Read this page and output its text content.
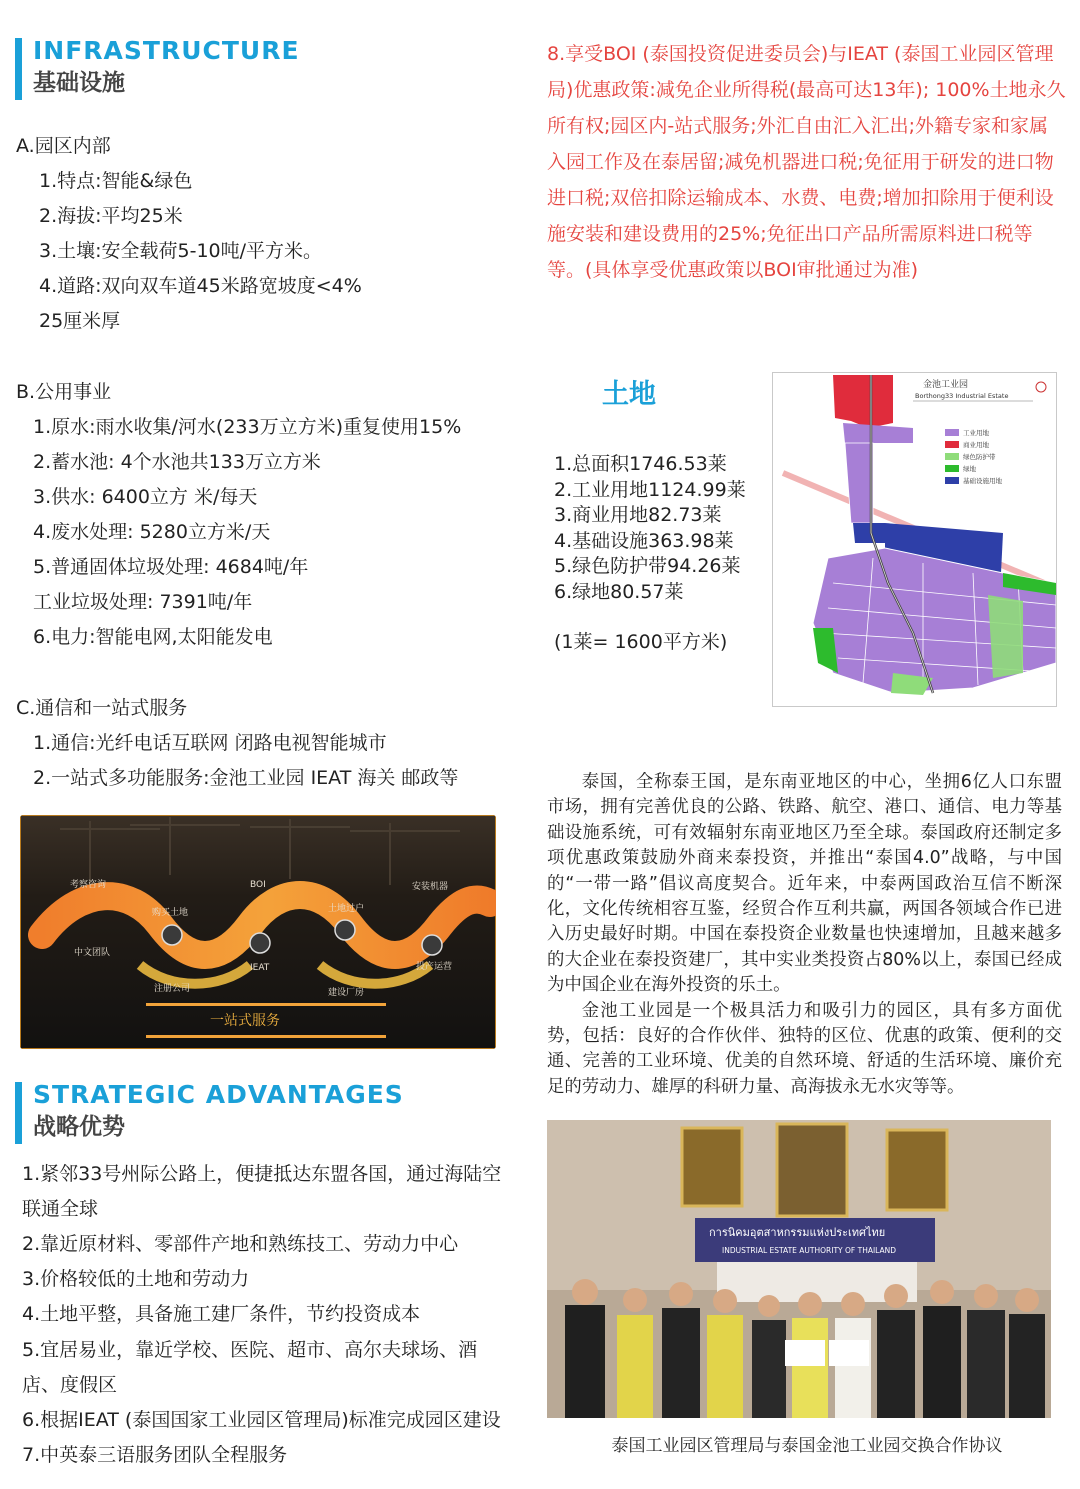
INFRASTRUCTURE
基础设施
A.园区内部
1.特点:智能&绿色
2.海拔:平均25米
3.土壤:安全载荷5-10吨/平方米。
4.道路:双向双车道45米路宽坡度<4%
25厘米厚
B.公用事业
1.原水:雨水收集/河水(233万立方米)重复使用15%
2.蓄水池: 4个水池共133万立方米
3.供水: 6400立方 米/每天
4.废水处理: 5280立方米/天
5.普通固体垃圾处理: 4684吨/年
工业垃圾处理: 7391吨/年
6.电力:智能电网,太阳能发电
C.通信和一站式服务
1.通信:光纤电话互联网 闭路电视智能城市
2.一站式多功能服务:金池工业园 IEAT 海关 邮政等
考察咨询	BOI
土地过户
安装机器
中文团队
购买土地
IEAT	投产运营
注册公司	建设厂房
一站式服务
STRATEGIC ADVANTAGES
战略优势
1.紧邻33号州际公路上，便捷抵达东盟各国，通过海陆空
联通全球
2.靠近原材料、零部件产地和熟练技工、劳动力中心
3.价格较低的土地和劳动力
4.土地平整，具备施工建厂条件，节约投资成本
5.宜居易业，靠近学校、医院、超市、高尔夫球场、酒
店、度假区
6.根据IEAT (泰国国家工业园区管理局)标准完成园区建设
7.中英泰三语服务团队全程服务
8.享受BOI (泰国投资促进委员会)与IEAT (泰国工业园区管理局)优惠政策:减免企业所得税(最高可达13年); 100%土地永久所有权;园区内-站式服务;外汇自由汇入汇出;外籍专家和家属入园工作及在泰居留;减免机器进口税;免征用于研发的进口物进口税;双倍扣除运输成本、水费、电费;增加扣除用于便利设施安装和建设费用的25%;免征出口产品所需原料进口税等等。(具体享受优惠政策以BOI审批通过为准)
土地
1.总面积1746.53莱
2.工业用地1124.99莱
3.商业用地82.73莱
4.基础设施363.98莱
5.绿色防护带94.26莱
6.绿地80.57莱
(1莱= 1600平方米)
金池工业园
Borthong33 Industrial Estate
工业用地
商业用地
绿色防护带
绿地
基础设施用地

泰国，全称泰王国，是东南亚地区的中心，坐拥6亿人口东盟市场，拥有完善优良的公路、铁路、航空、港口、通信、电力等基础设施系统，可有效辐射东南亚地区乃至全球。泰国政府还制定多项优惠政策鼓励外商来泰投资，并推出“泰国4.0”战略，与中国的“一带一路”倡议高度契合。近年来，中泰两国政治互信不断深化，文化传统相容互鉴，经贸合作互利共赢，两国各领域合作已进入历史最好时期。中国在泰投资企业数量也快速增加，且越来越多的大企业在泰投资建厂，其中实业类投资占80%以上，泰国已经成为中国企业在海外投资的乐土。

金池工业园是一个极具活力和吸引力的园区，具有多方面优势，包括：良好的合作伙伴、独特的区位、优惠的政策、便利的交通、完善的工业环境、优美的自然环境、舒适的生活环境、廉价充足的劳动力、雄厚的科研力量、高海拔永无水灾等等。

การนิคมอุตสาหกรรมแห่งประเทศไทย
INDUSTRIAL ESTATE AUTHORITY OF THAILAND
泰国工业园区管理局与泰国金池工业园交换合作协议
